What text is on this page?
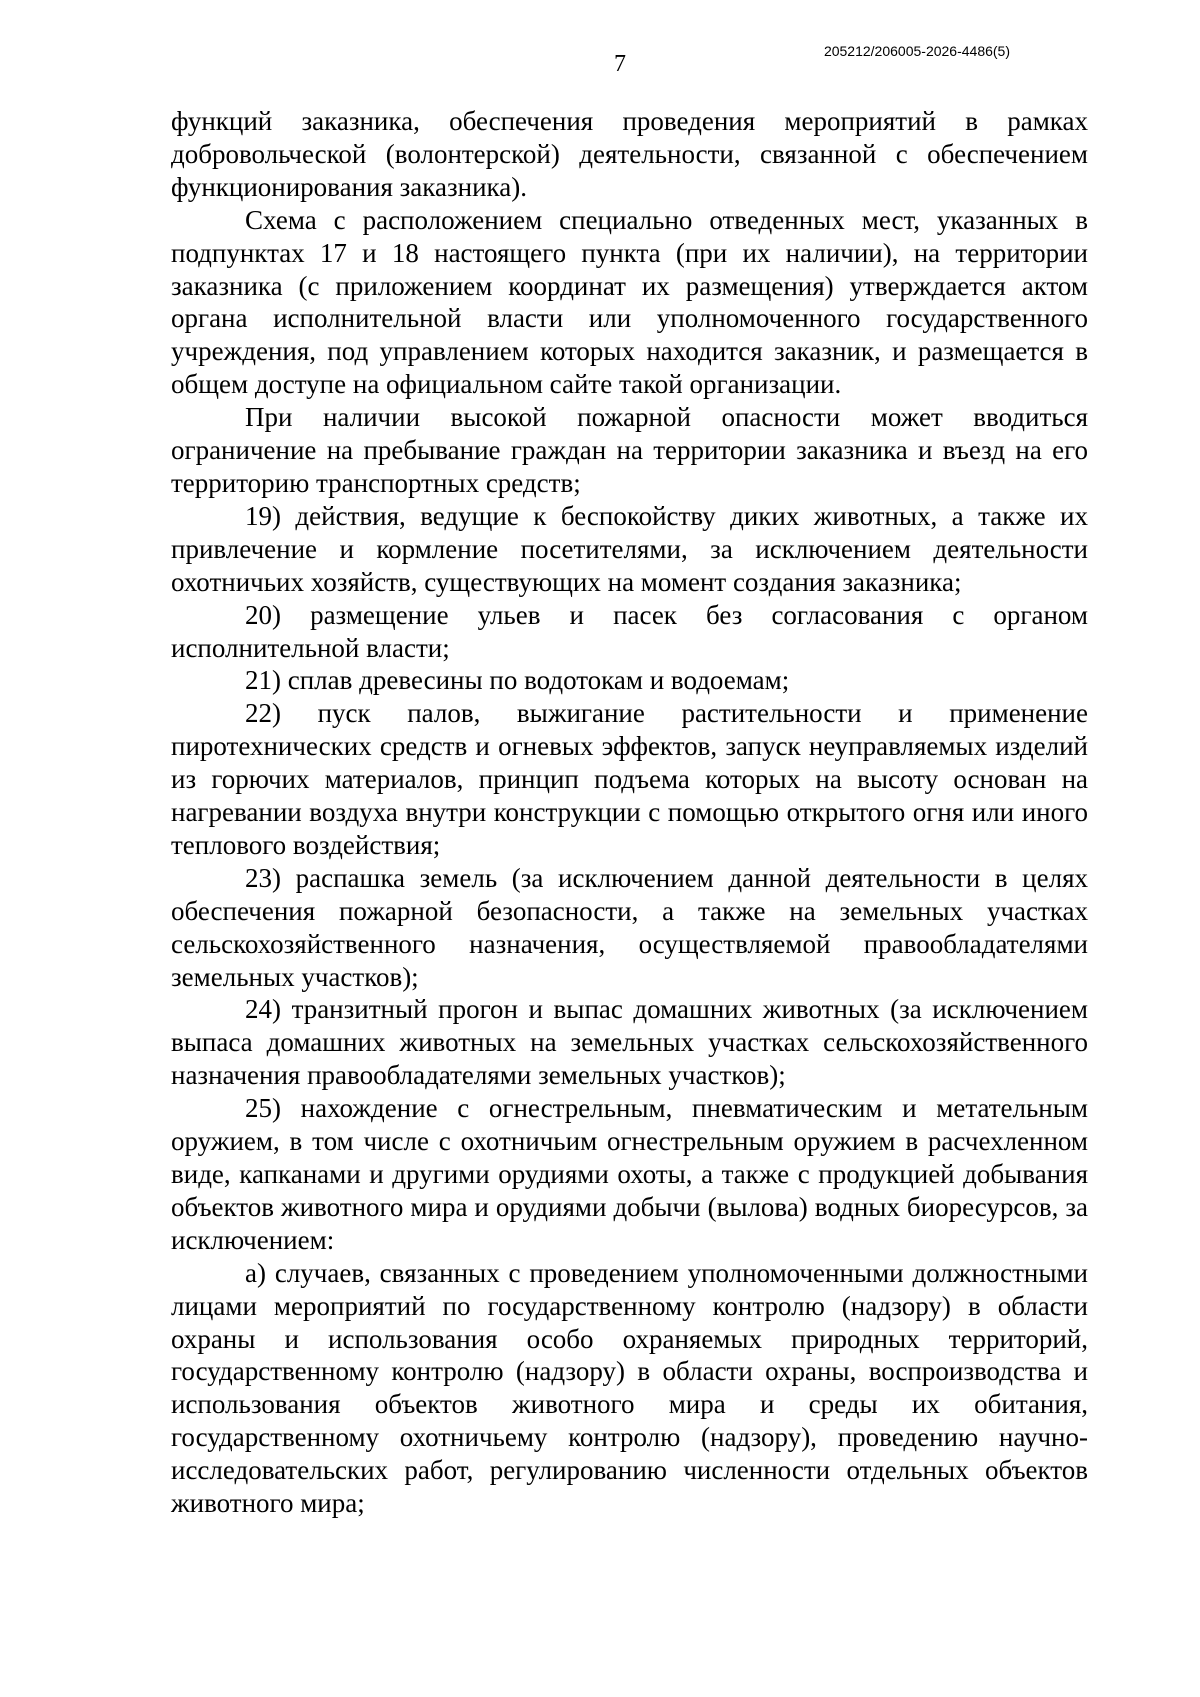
7	205212/206005-2026-4486(5)

функций заказника, обеспечения проведения мероприятий в рамках добровольческой (волонтерской) деятельности, связанной с обеспечением функционирования заказника).

Схема с расположением специально отведенных мест, указанных в подпунктах 17 и 18 настоящего пункта (при их наличии), на территории заказника (с приложением координат их размещения) утверждается актом органа исполнительной власти или уполномоченного государственного учреждения, под управлением которых находится заказник, и размещается в общем доступе на официальном сайте такой организации.

При наличии высокой пожарной опасности может вводиться ограничение на пребывание граждан на территории заказника и въезд на его территорию транспортных средств;

19) действия, ведущие к беспокойству диких животных, а также их привлечение и кормление посетителями, за исключением деятельности охотничьих хозяйств, существующих на момент создания заказника;

20) размещение ульев и пасек без согласования с органом исполнительной власти;

21) сплав древесины по водотокам и водоемам;

22) пуск палов, выжигание растительности и применение пиротехнических средств и огневых эффектов, запуск неуправляемых изделий из горючих материалов, принцип подъема которых на высоту основан на нагревании воздуха внутри конструкции с помощью открытого огня или иного теплового воздействия;

23) распашка земель (за исключением данной деятельности в целях обеспечения пожарной безопасности, а также на земельных участках сельскохозяйственного назначения, осуществляемой правообладателями земельных участков);

24) транзитный прогон и выпас домашних животных (за исключением выпаса домашних животных на земельных участках сельскохозяйственного назначения правообладателями земельных участков);

25) нахождение с огнестрельным, пневматическим и метательным оружием, в том числе с охотничьим огнестрельным оружием в расчехленном виде, капканами и другими орудиями охоты, а также с продукцией добывания объектов животного мира и орудиями добычи (вылова) водных биоресурсов, за исключением:

а) случаев, связанных с проведением уполномоченными должностными лицами мероприятий по государственному контролю (надзору) в области охраны и использования особо охраняемых природных территорий, государственному контролю (надзору) в области охраны, воспроизводства и использования объектов животного мира и среды их обитания, государственному охотничьему контролю (надзору), проведению научно-исследовательских работ, регулированию численности отдельных объектов животного мира;
